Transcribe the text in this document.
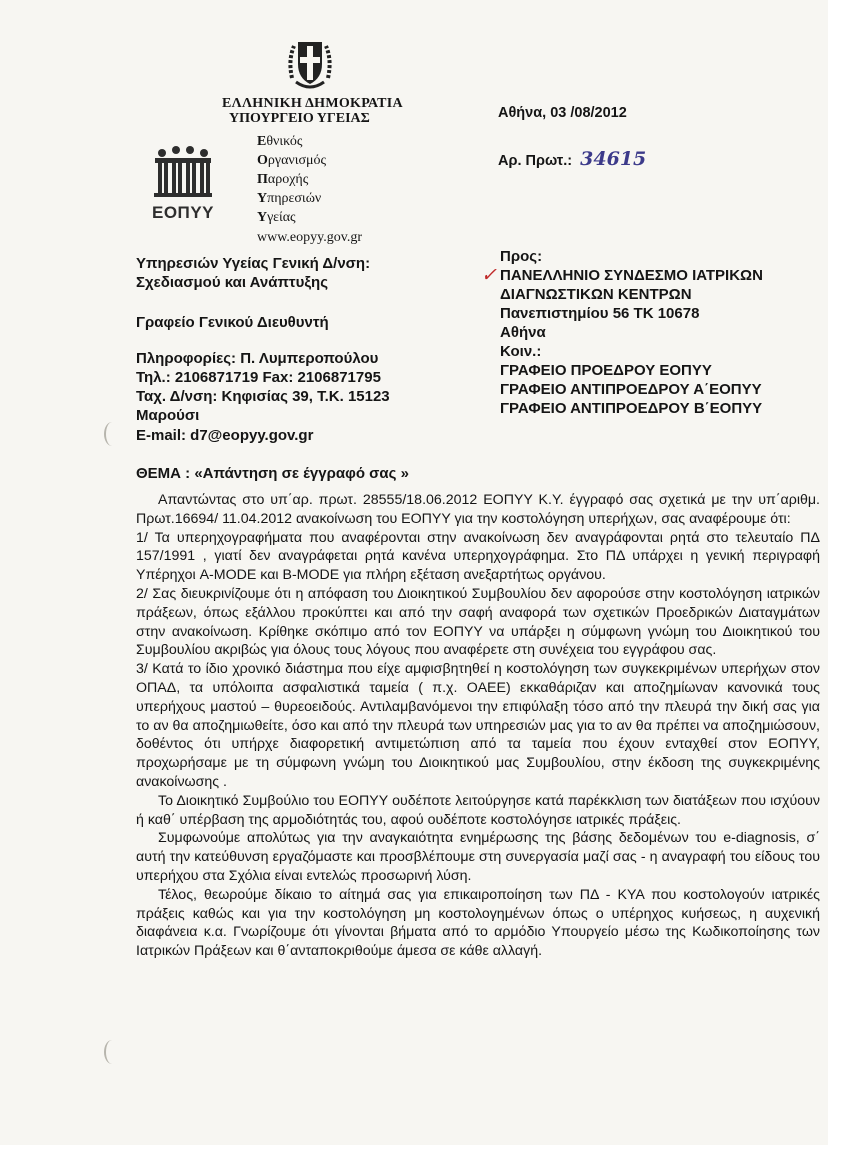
ΕΛΛΗΝΙΚΗ ΔΗΜΟΚΡΑΤΙΑ
ΥΠΟΥΡΓΕΙΟ ΥΓΕΙΑΣ
ΕΟΠΥΥ
Εθνικός
Οργανισμός
Παροχής
Υπηρεσιών
Υγείας
www.eopyy.gov.gr
Αθήνα, 03 /08/2012
Αρ. Πρωτ.: 34615
Υπηρεσιών Υγείας Γενική Δ/νση:
Σχεδιασμού και Ανάπτυξης
Γραφείο Γενικού Διευθυντή
Πληροφορίες: Π. Λυμπεροπούλου
Τηλ.: 2106871719 Fax: 2106871795
Ταχ. Δ/νση: Κηφισίας 39, Τ.Κ. 15123
Μαρούσι
E-mail: d7@eopyy.gov.gr
Προς:
✓ ΠΑΝΕΛΛΗΝΙΟ ΣΥΝΔΕΣΜΟ ΙΑΤΡΙΚΩΝ
ΔΙΑΓΝΩΣΤΙΚΩΝ ΚΕΝΤΡΩΝ
Πανεπιστημίου 56 ΤΚ 10678
Αθήνα
Κοιν.:
ΓΡΑΦΕΙΟ ΠΡΟΕΔΡΟΥ ΕΟΠΥΥ
ΓΡΑΦΕΙΟ ΑΝΤΙΠΡΟΕΔΡΟΥ Α΄ΕΟΠΥΥ
ΓΡΑΦΕΙΟ ΑΝΤΙΠΡΟΕΔΡΟΥ Β΄ΕΟΠΥΥ
ΘΕΜΑ : «Απάντηση σε έγγραφό σας »

Απαντώντας στο υπ΄αρ. πρωτ. 28555/18.06.2012 ΕΟΠΥΥ Κ.Υ. έγγραφό σας σχετικά με την υπ΄αριθμ. Πρωτ.16694/ 11.04.2012 ανακοίνωση του ΕΟΠΥΥ για την κοστολόγηση υπερήχων, σας αναφέρουμε ότι:

1/ Τα υπερηχογραφήματα που αναφέρονται στην ανακοίνωση δεν αναγράφονται ρητά στο τελευταίο ΠΔ 157/1991 , γιατί δεν αναγράφεται ρητά κανένα υπερηχογράφημα. Στο ΠΔ υπάρχει η γενική περιγραφή Υπέρηχοι A-MODE και B-MODE για πλήρη εξέταση ανεξαρτήτως οργάνου.

2/ Σας διευκρινίζουμε ότι η απόφαση του Διοικητικού Συμβουλίου δεν αφορούσε στην κοστολόγηση ιατρικών πράξεων, όπως εξάλλου προκύπτει και από την σαφή αναφορά των σχετικών Προεδρικών Διαταγμάτων στην ανακοίνωση. Κρίθηκε σκόπιμο από τον ΕΟΠΥΥ να υπάρξει η σύμφωνη γνώμη του Διοικητικού του Συμβουλίου ακριβώς για όλους τους λόγους που αναφέρετε στη συνέχεια του εγγράφου σας.

3/ Κατά το ίδιο χρονικό διάστημα που είχε αμφισβητηθεί η κοστολόγηση των συγκεκριμένων υπερήχων στον ΟΠΑΔ, τα υπόλοιπα ασφαλιστικά ταμεία ( π.χ. ΟΑΕΕ) εκκαθάριζαν και αποζημίωναν κανονικά τους υπερήχους μαστού – θυρεοειδούς. Αντιλαμβανόμενοι την επιφύλαξη τόσο από την πλευρά την δική σας για το αν θα αποζημιωθείτε, όσο και από την πλευρά των υπηρεσιών μας για το αν θα πρέπει να αποζημιώσουν, δοθέντος ότι υπήρχε διαφορετική αντιμετώπιση από τα ταμεία που έχουν ενταχθεί στον ΕΟΠΥΥ, προχωρήσαμε με τη σύμφωνη γνώμη του Διοικητικού μας Συμβουλίου, στην έκδοση της συγκεκριμένης ανακοίνωσης .

Το Διοικητικό Συμβούλιο του ΕΟΠΥΥ ουδέποτε λειτούργησε κατά παρέκκλιση των διατάξεων που ισχύουν ή καθ΄ υπέρβαση της αρμοδιότητάς του, αφού ουδέποτε κοστολόγησε ιατρικές πράξεις.

Συμφωνούμε απολύτως για την αναγκαιότητα ενημέρωσης της βάσης δεδομένων του e-diagnosis, σ΄ αυτή την κατεύθυνση εργαζόμαστε και προσβλέπουμε στη συνεργασία μαζί σας - η αναγραφή του είδους του υπερήχου στα Σχόλια είναι εντελώς προσωρινή λύση.

Τέλος, θεωρούμε δίκαιο το αίτημά σας για επικαιροποίηση των ΠΔ - ΚΥΑ που κοστολογούν ιατρικές πράξεις καθώς και για την κοστολόγηση μη κοστολογημένων όπως ο υπέρηχος κυήσεως, η αυχενική διαφάνεια κ.α. Γνωρίζουμε ότι γίνονται βήματα από το αρμόδιο Υπουργείο μέσω της Κωδικοποίησης των Ιατρικών Πράξεων και θ΄ανταποκριθούμε άμεσα σε κάθε αλλαγή.
